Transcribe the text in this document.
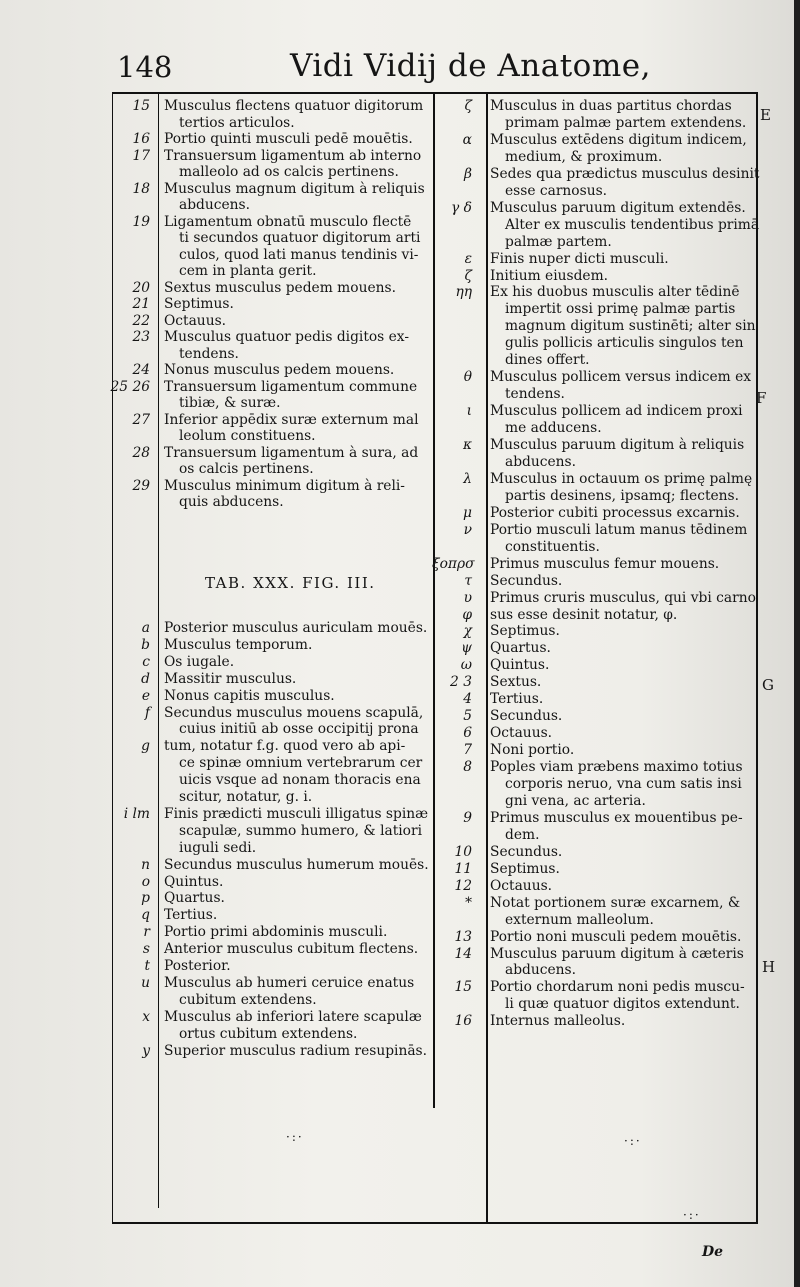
148	Vidi Vidij de Anatome,
15 Musculus flectens quatuor digitorum
tertios articulos.
16 Portio quinti musculi pedē mouētis.
17 Transuersum ligamentum ab interno
malleolo ad os calcis pertinens.
18 Musculus magnum digitum à reliquis
abducens.
19 Ligamentum obnatū musculo flectē
ti secundos quatuor digitorum arti
culos, quod lati manus tendinis vi-
cem in planta gerit.
20 Sextus musculus pedem mouens.
21 Septimus.
22 Octauus.
23 Musculus quatuor pedis digitos ex-
tendens.
24 Nonus musculus pedem mouens.
25 26 Transuersum ligamentum commune
tibiæ, & suræ.
27 Inferior appēdix suræ externum mal
leolum constituens.
28 Transuersum ligamentum à sura, ad
os calcis pertinens.
29 Musculus minimum digitum à reli-
quis abducens.
TAB. XXX. FIG. III.
a Posterior musculus auriculam mouēs.
b Musculus temporum.
c Os iugale.
d Massitir musculus.
e Nonus capitis musculus.
f Secundus musculus mouens scapulā,
cuius initiū ab osse occipitij prona
g tum, notatur f.g. quod vero ab api-
ce spinæ omnium vertebrarum cer
uicis vsque ad nonam thoracis ena
scitur, notatur, g. i.
i lm Finis prædicti musculi illigatus spinæ
scapulæ, summo humero, & latiori
iuguli sedi.
n Secundus musculus humerum mouēs.
o Quintus.
p Quartus.
q Tertius.
r Portio primi abdominis musculi.
s Anterior musculus cubitum flectens.
t Posterior.
u Musculus ab humeri ceruice enatus
cubitum extendens.
x Musculus ab inferiori latere scapulæ
ortus cubitum extendens.
y Superior musculus radium resupinās.
ζ Musculus in duas partitus chordas
primam palmæ partem extendens.
α Musculus extēdens digitum indicem,
medium, & proximum.
β Sedes qua prædictus musculus desinit
esse carnosus.
γ δ Musculus paruum digitum extendēs.
Alter ex musculis tendentibus primā
palmæ partem.
ε Finis nuper dicti musculi.
ζ Initium eiusdem.
ηη Ex his duobus musculis alter tēdinē
impertit ossi primę palmæ partis
magnum digitum sustinēti; alter sin
gulis pollicis articulis singulos ten
dines offert.
θ Musculus pollicem versus indicem ex
tendens.
ι Musculus pollicem ad indicem proxi
me adducens.
κ Musculus paruum digitum à reliquis
abducens.
λ Musculus in octauum os primę palmę
partis desinens, ipsamq; flectens.
μ Posterior cubiti processus excarnis.
ν Portio musculi latum manus tēdinem
constituentis.
ξοπρσ Primus musculus femur mouens.
τ Secundus.
υ Primus cruris musculus, qui vbi carno
φ sus esse desinit notatur, φ.
χ Septimus.
ψ Quartus.
ω Quintus.
2 3 Sextus.
4 Tertius.
5 Secundus.
6 Octauus.
7 Noni portio.
8 Poples viam præbens maximo totius
corporis neruo, vna cum satis insi
gni vena, ac arteria.
9 Primus musculus ex mouentibus pe-
dem.
10 Secundus.
11 Septimus.
12 Octauus.
* Notat portionem suræ excarnem, &
externum malleolum.
13 Portio noni musculi pedem mouētis.
14 Musculus paruum digitum à cæteris
abducens.
15 Portio chordarum noni pedis muscu-
li quæ quatuor digitos extendunt.
16 Internus malleolus.
E
F
G
H
·:·	·:·
·:·
De
